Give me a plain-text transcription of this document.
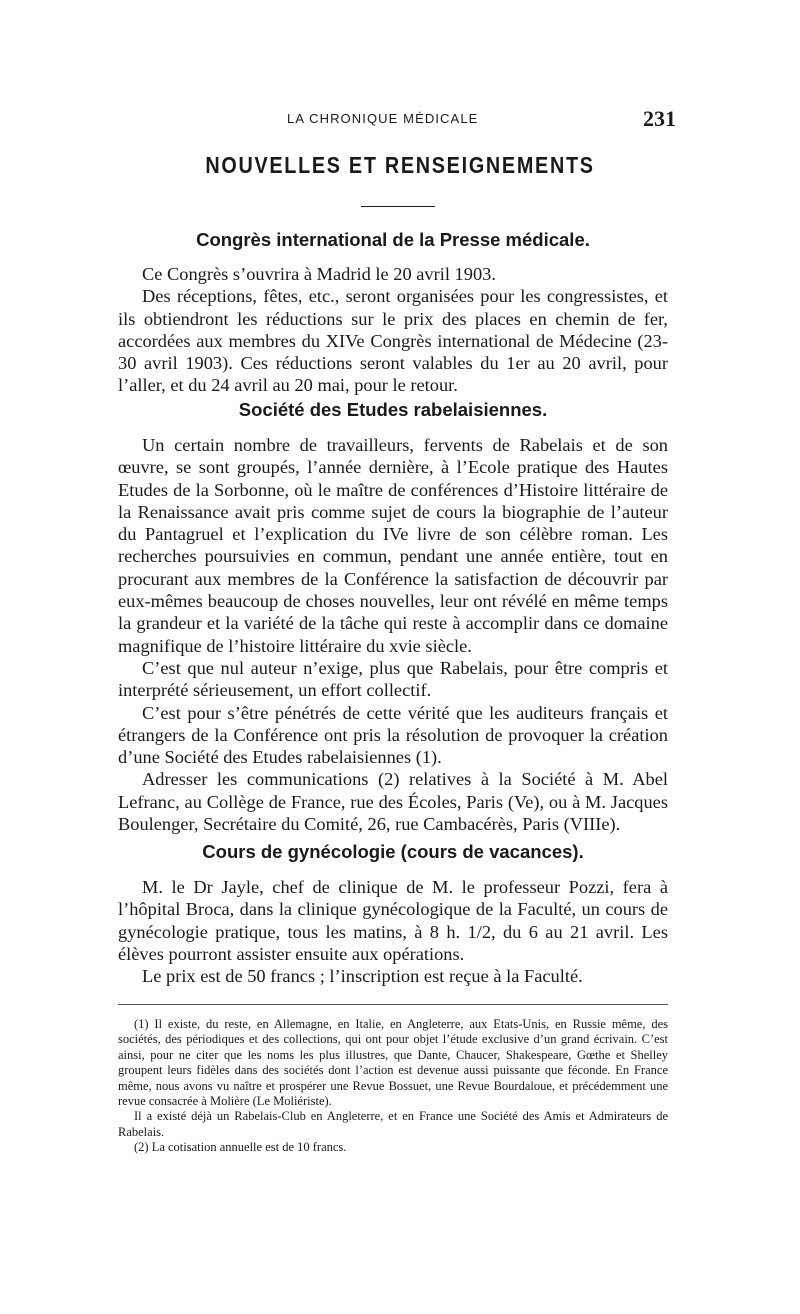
LA CHRONIQUE MÉDICALE	231
NOUVELLES ET RENSEIGNEMENTS
Congrès international de la Presse médicale.

Ce Congrès s’ouvrira à Madrid le 20 avril 1903.

Des réceptions, fêtes, etc., seront organisées pour les congressistes, et ils obtiendront les réductions sur le prix des places en chemin de fer, accordées aux membres du XIVe Congrès international de Médecine (23-30 avril 1903). Ces réductions seront valables du 1er au 20 avril, pour l’aller, et du 24 avril au 20 mai, pour le retour.

Société des Etudes rabelaisiennes.

Un certain nombre de travailleurs, fervents de Rabelais et de son œuvre, se sont groupés, l’année dernière, à l’Ecole pratique des Hautes Etudes de la Sorbonne, où le maître de conférences d’Histoire littéraire de la Renaissance avait pris comme sujet de cours la biographie de l’auteur du Pantagruel et l’explication du IVe livre de son célèbre roman. Les recherches poursuivies en commun, pendant une année entière, tout en procurant aux membres de la Conférence la satisfaction de découvrir par eux-mêmes beaucoup de choses nouvelles, leur ont révélé en même temps la grandeur et la variété de la tâche qui reste à accomplir dans ce domaine magnifique de l’histoire littéraire du xvie siècle.

C’est que nul auteur n’exige, plus que Rabelais, pour être compris et interprété sérieusement, un effort collectif.

C’est pour s’être pénétrés de cette vérité que les auditeurs français et étrangers de la Conférence ont pris la résolution de provoquer la création d’une Société des Etudes rabelaisiennes (1).

Adresser les communications (2) relatives à la Société à M. Abel Lefranc, au Collège de France, rue des Écoles, Paris (Ve), ou à M. Jacques Boulenger, Secrétaire du Comité, 26, rue Cambacérès, Paris (VIIIe).

Cours de gynécologie (cours de vacances).

M. le Dr Jayle, chef de clinique de M. le professeur Pozzi, fera à l’hôpital Broca, dans la clinique gynécologique de la Faculté, un cours de gynécologie pratique, tous les matins, à 8 h. 1/2, du 6 au 21 avril. Les élèves pourront assister ensuite aux opérations.

Le prix est de 50 francs ; l’inscription est reçue à la Faculté.

(1) Il existe, du reste, en Allemagne, en Italie, en Angleterre, aux Etats-Unis, en Russie même, des sociétés, des périodiques et des collections, qui ont pour objet l’étude exclusive d’un grand écrivain. C’est ainsi, pour ne citer que les noms les plus illustres, que Dante, Chaucer, Shakespeare, Gœthe et Shelley groupent leurs fidèles dans des sociétés dont l’action est devenue aussi puissante que féconde. En France même, nous avons vu naître et prospérer une Revue Bossuet, une Revue Bourdaloue, et précédemment une revue consacrée à Molière (Le Moliériste).

Il a existé déjà un Rabelais-Club en Angleterre, et en France une Société des Amis et Admirateurs de Rabelais.

(2) La cotisation annuelle est de 10 francs.
